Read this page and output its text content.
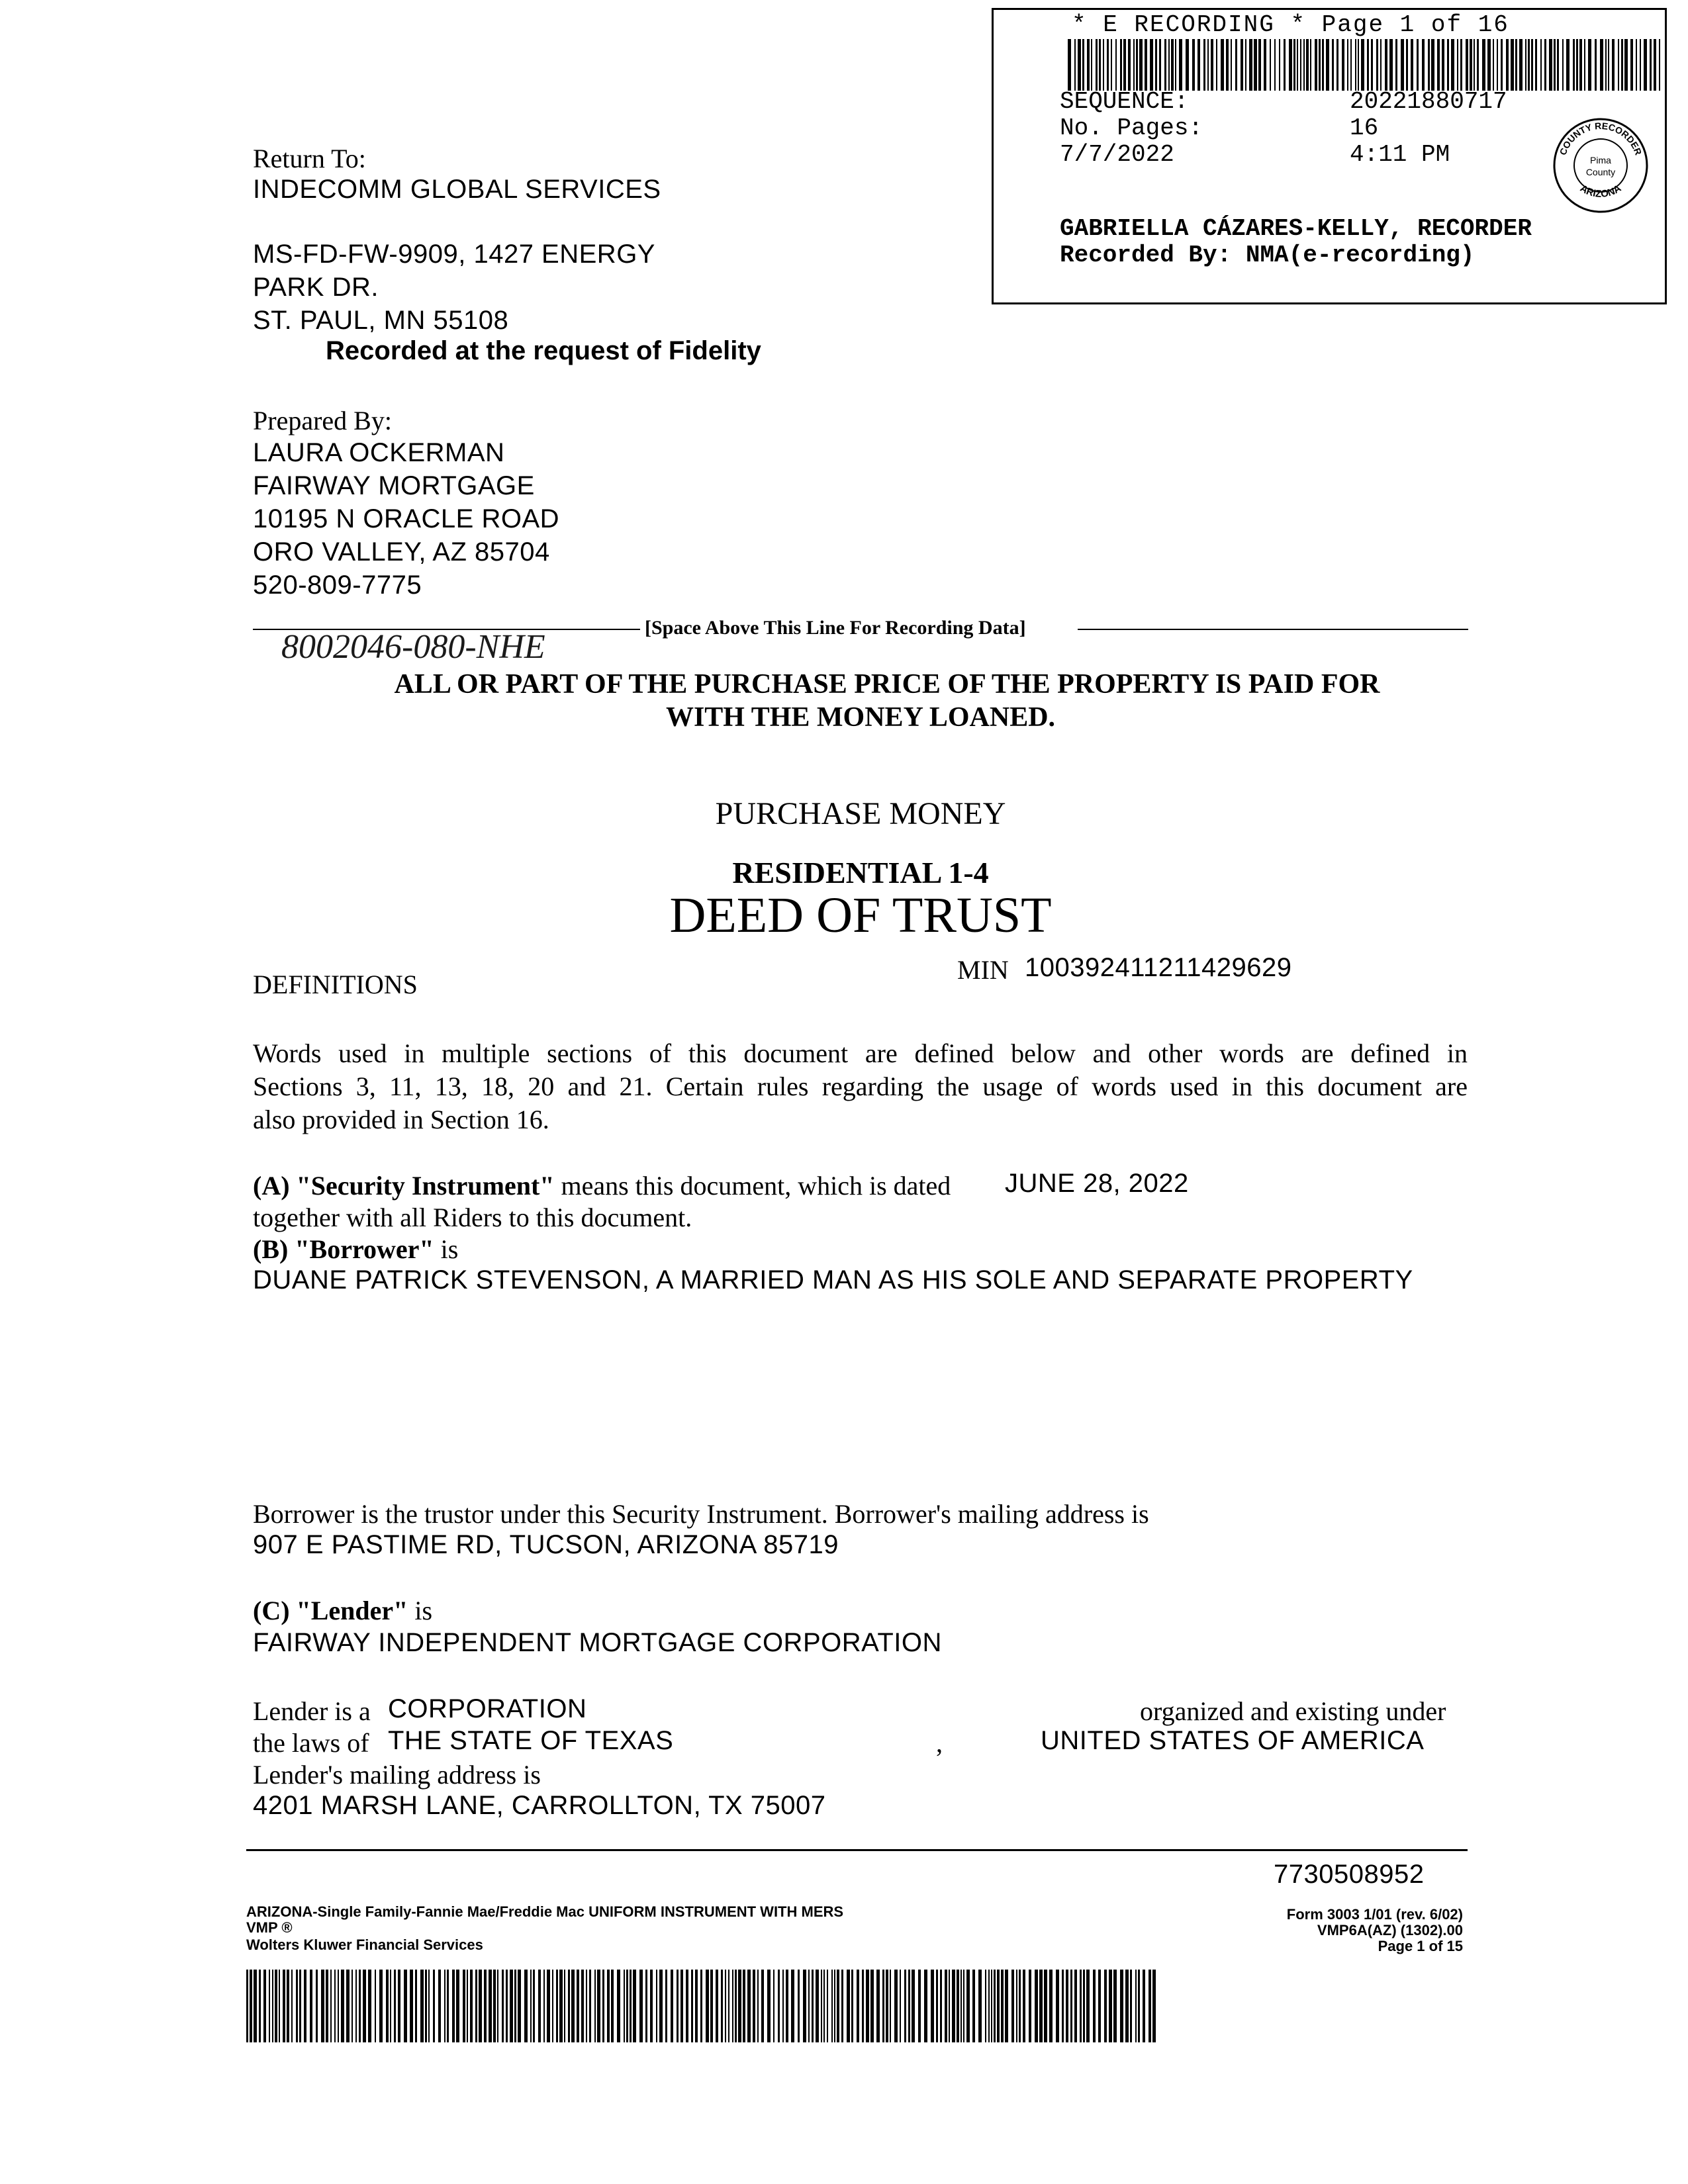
* E RECORDING * Page 1 of 16
SEQUENCE:	20221880717
No. Pages:	16
7/7/2022	4:11 PM	COUNTY RECORDER
ARIZONA
Pima
County
GABRIELLA CÁZARES-KELLY, RECORDER
Recorded By: NMA(e-recording)
Return To:
INDECOMM GLOBAL SERVICES
MS-FD-FW-9909, 1427 ENERGY
PARK DR.
ST. PAUL, MN 55108
Recorded at the request of Fidelity
Prepared By:
LAURA OCKERMAN
FAIRWAY MORTGAGE
10195 N ORACLE ROAD
ORO VALLEY, AZ 85704
520-809-7775
[Space Above This Line For Recording Data]
8002046-080-NHE
ALL OR PART OF THE PURCHASE PRICE OF THE PROPERTY IS PAID FOR
WITH THE MONEY LOANED.
PURCHASE MONEY
RESIDENTIAL 1-4
DEED OF TRUST
MIN 100392411211429629
DEFINITIONS
Words used in multiple sections of this document are defined below and other words are defined in
Sections 3, 11, 13, 18, 20 and 21. Certain rules regarding the usage of words used in this document are
also provided in Section 16.
(A) "Security Instrument" means this document, which is dated JUNE 28, 2022
together with all Riders to this document.
(B) "Borrower" is
DUANE PATRICK STEVENSON, A MARRIED MAN AS HIS SOLE AND SEPARATE PROPERTY
Borrower is the trustor under this Security Instrument. Borrower's mailing address is
907 E PASTIME RD, TUCSON, ARIZONA 85719
(C) "Lender" is
FAIRWAY INDEPENDENT MORTGAGE CORPORATION
Lender is a CORPORATION	organized and existing under
the laws of THE STATE OF TEXAS	,	UNITED STATES OF AMERICA
Lender's mailing address is
4201 MARSH LANE, CARROLLTON, TX 75007
7730508952
ARIZONA-Single Family-Fannie Mae/Freddie Mac UNIFORM INSTRUMENT WITH MERS
VMP ®
Wolters Kluwer Financial Services
Form 3003 1/01 (rev. 6/02)
VMP6A(AZ) (1302).00
Page 1 of 15
